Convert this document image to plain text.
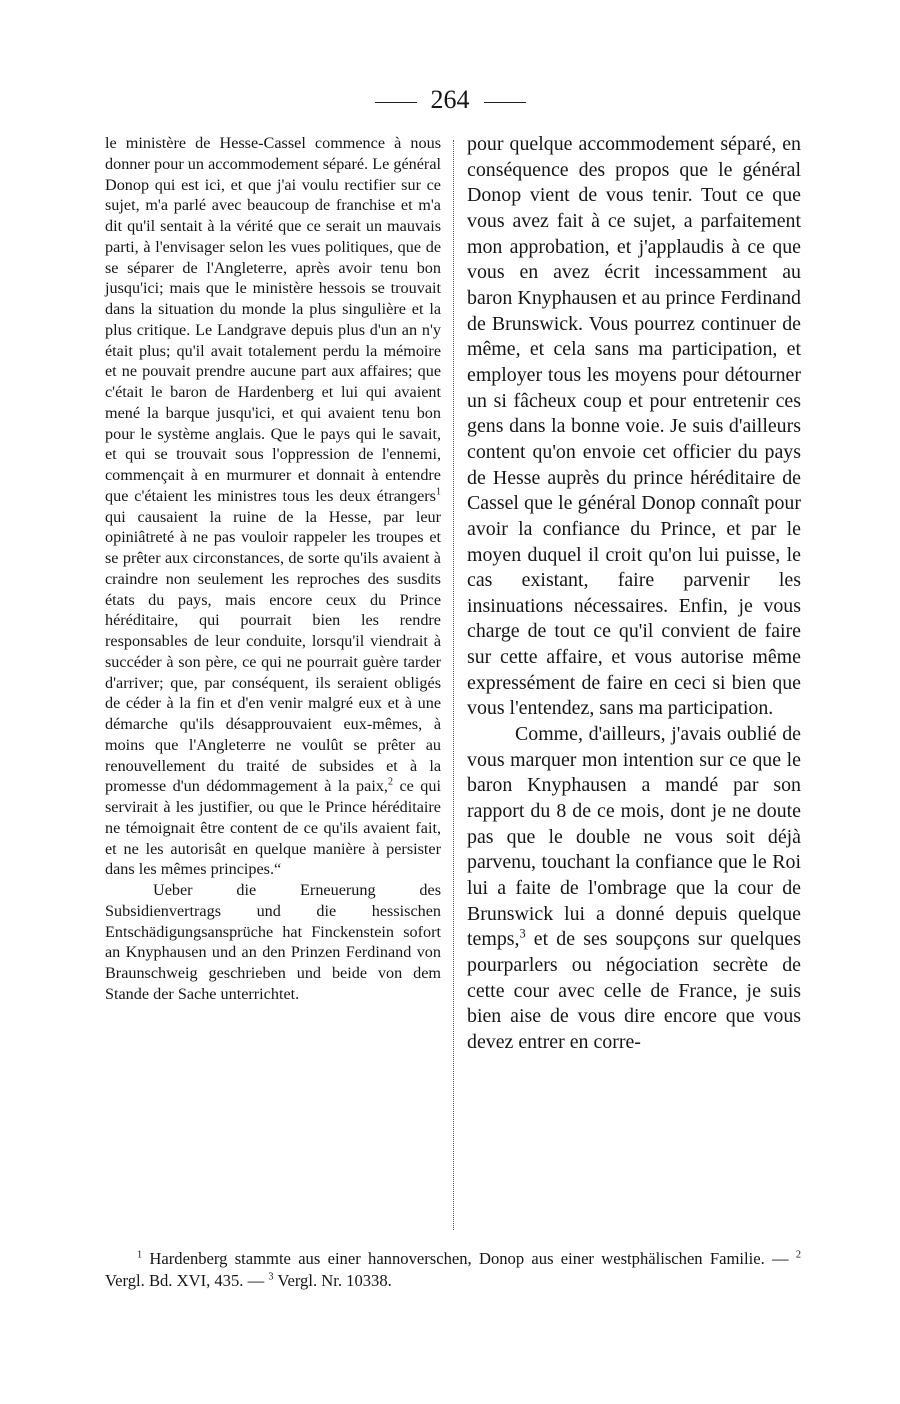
264

le ministère de Hesse-Cassel commence à nous donner pour un accommodement séparé. Le général Donop qui est ici, et que j'ai voulu rectifier sur ce sujet, m'a parlé avec beaucoup de franchise et m'a dit qu'il sentait à la vérité que ce serait un mauvais parti, à l'envisager selon les vues politiques, que de se séparer de l'Angleterre, après avoir tenu bon jusqu'ici; mais que le ministère hessois se trouvait dans la situation du monde la plus singulière et la plus critique. Le Landgrave depuis plus d'un an n'y était plus; qu'il avait totalement perdu la mémoire et ne pouvait prendre aucune part aux affaires; que c'était le baron de Hardenberg et lui qui avaient mené la barque jusqu'ici, et qui avaient tenu bon pour le système anglais. Que le pays qui le savait, et qui se trouvait sous l'oppression de l'ennemi, commençait à en murmurer et donnait à entendre que c'étaient les ministres tous les deux étrangers$^1$ qui causaient la ruine de la Hesse, par leur opiniâtreté à ne pas vouloir rappeler les troupes et se prêter aux circonstances, de sorte qu'ils avaient à craindre non seulement les reproches des susdits états du pays, mais encore ceux du Prince héréditaire, qui pourrait bien les rendre responsables de leur conduite, lorsqu'il viendrait à succéder à son père, ce qui ne pourrait guère tarder d'arriver; que, par conséquent, ils seraient obligés de céder à la fin et d'en venir malgré eux et à une démarche qu'ils désapprouvaient eux-mêmes, à moins que l'Angleterre ne voulût se prêter au renouvellement du traité de subsides et à la promesse d'un dédommagement à la paix,$^2$ ce qui servirait à les justifier, ou que le Prince héréditaire ne témoignait être content de ce qu'ils avaient fait, et ne les autorisât en quelque manière à persister dans les mêmes principes.“

Ueber die Erneuerung des Subsidienvertrags und die hessischen Entschädigungsansprüche hat Finckenstein sofort an Knyphausen und an den Prinzen Ferdinand von Braunschweig geschrieben und beide von dem Stande der Sache unterrichtet.

pour quelque accommodement séparé, en conséquence des propos que le général Donop vient de vous tenir. Tout ce que vous avez fait à ce sujet, a parfaitement mon approbation, et j'applaudis à ce que vous en avez écrit incessamment au baron Knyphausen et au prince Ferdinand de Brunswick. Vous pourrez continuer de même, et cela sans ma participation, et employer tous les moyens pour détourner un si fâcheux coup et pour entretenir ces gens dans la bonne voie. Je suis d'ailleurs content qu'on envoie cet officier du pays de Hesse auprès du prince héréditaire de Cassel que le général Donop connaît pour avoir la confiance du Prince, et par le moyen duquel il croit qu'on lui puisse, le cas existant, faire parvenir les insinuations nécessaires. Enfin, je vous charge de tout ce qu'il convient de faire sur cette affaire, et vous autorise même expressément de faire en ceci si bien que vous l'entendez, sans ma participation.

Comme, d'ailleurs, j'avais oublié de vous marquer mon intention sur ce que le baron Knyphausen a mandé par son rapport du 8 de ce mois, dont je ne doute pas que le double ne vous soit déjà parvenu, touchant la confiance que le Roi lui a faite de l'ombrage que la cour de Brunswick lui a donné depuis quelque temps,$^3$ et de ses soupçons sur quelques pourparlers ou négociation secrète de cette cour avec celle de France, je suis bien aise de vous dire encore que vous devez entrer en corre-

$^1$ Hardenberg stammte aus einer hannoverschen, Donop aus einer westphälischen Familie. — $^2$ Vergl. Bd. XVI, 435. — $^3$ Vergl. Nr. 10338.
